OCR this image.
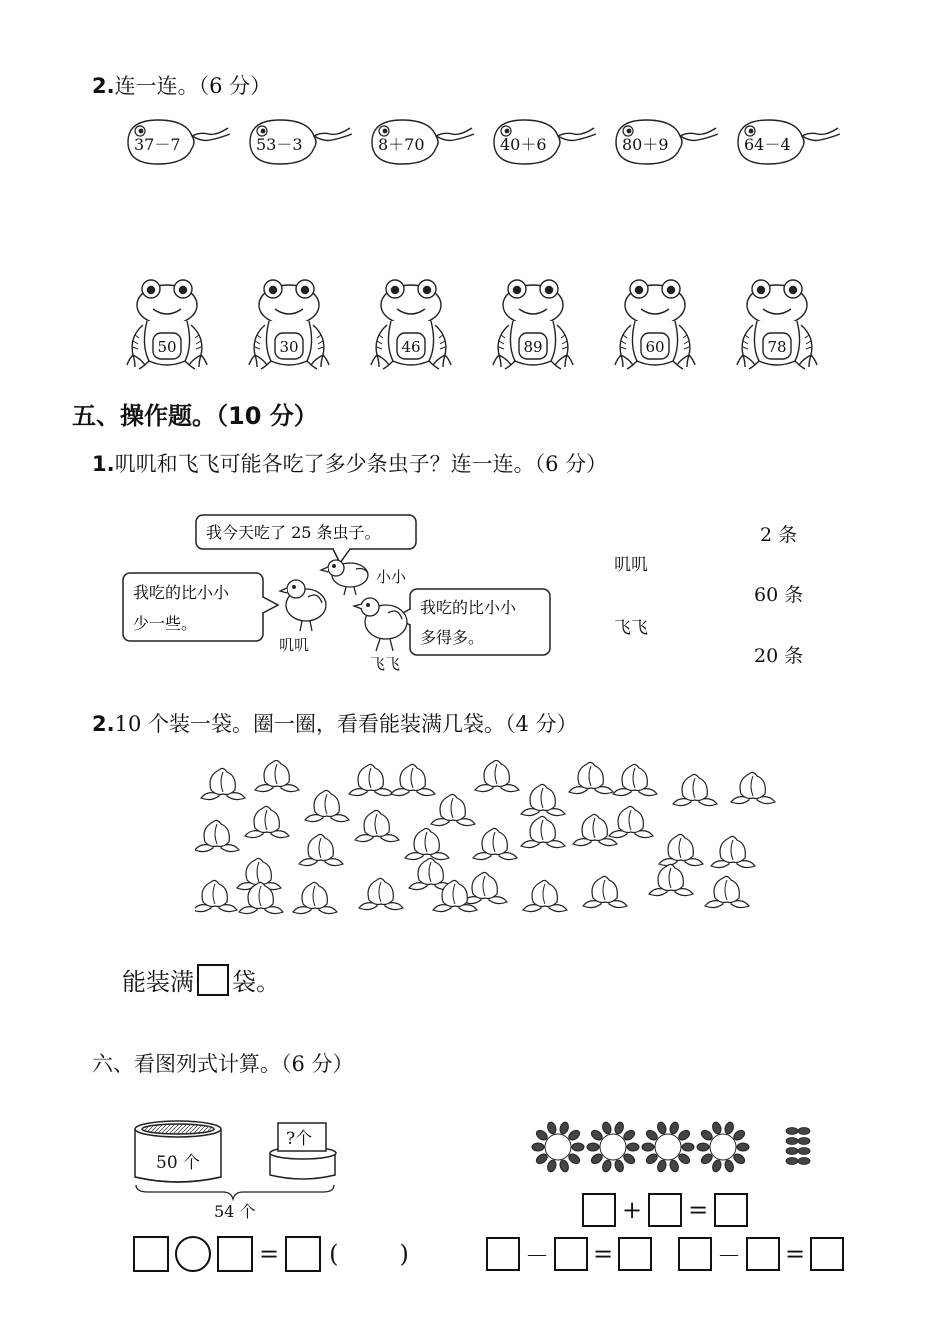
2.连一连。（6 分）
37－7	53－3	8＋70	40＋6	80＋9	64－4
50	30	46	89	60	78
五、操作题。（10 分）
1.叽叽和飞飞可能各吃了多少条虫子？连一连。（6 分）
我今天吃了 25 条虫子。
我吃的比小小
少一些。
我吃的比小小
多得多。
小小
叽叽
飞飞
叽叽
飞飞
2 条
60 条
20 条
2.10 个装一袋。圈一圈，看看能装满几袋。（4 分）
能装满 袋。
六、看图列式计算。（6 分）
50 个
?个
54 个
= (        )
+ =
－ =	－ =
